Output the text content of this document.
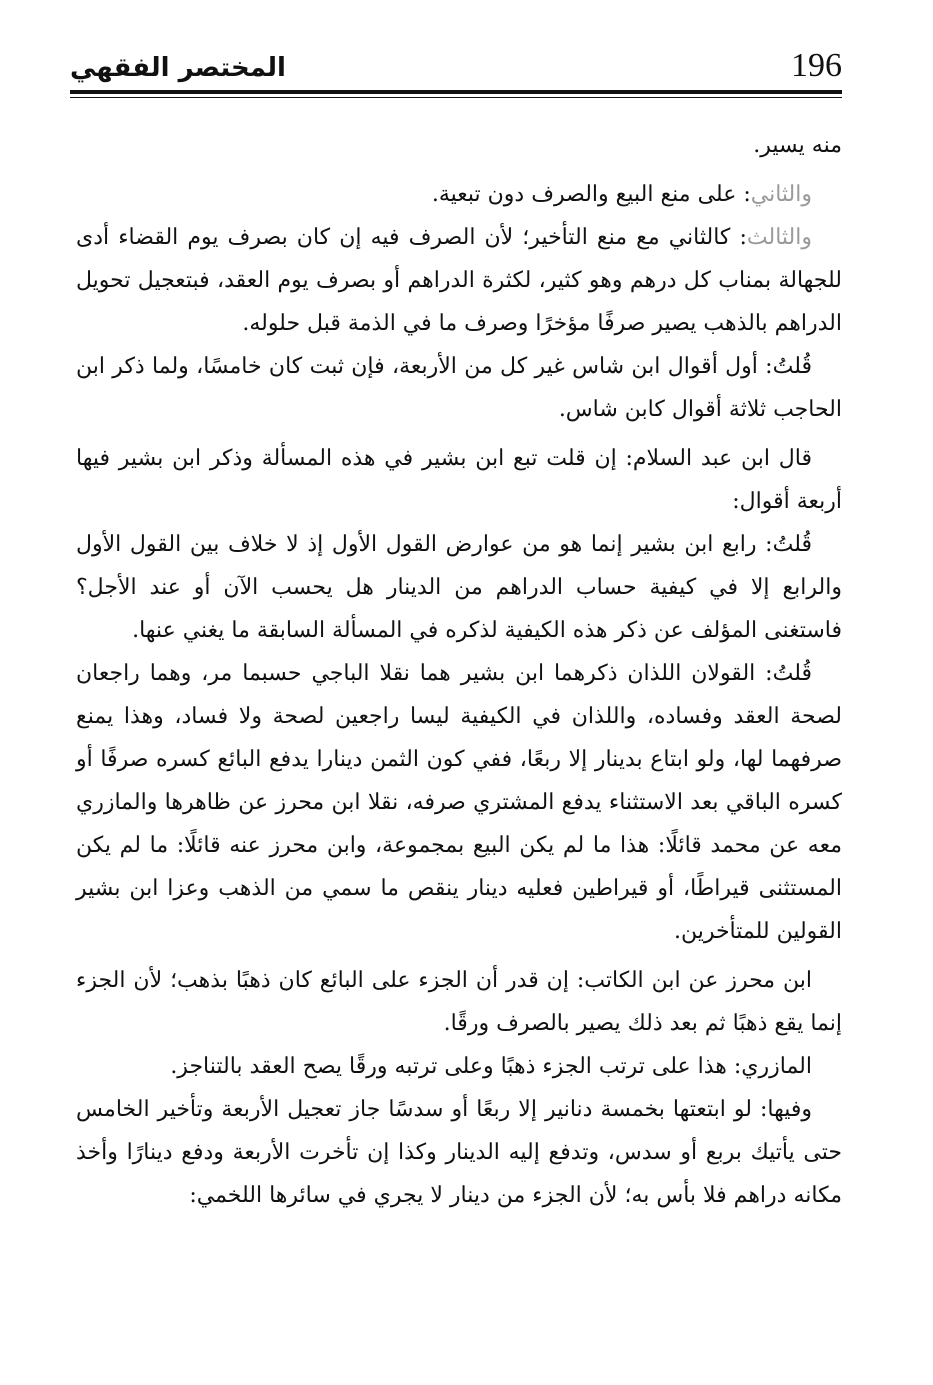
196
المختصر الفقهي

منه يسير.

والثاني: على منع البيع والصرف دون تبعية.

والثالث: كالثاني مع منع التأخير؛ لأن الصرف فيه إن كان بصرف يوم القضاء أدى للجهالة بمناب كل درهم وهو كثير، لكثرة الدراهم أو بصرف يوم العقد، فبتعجيل تحويل الدراهم بالذهب يصير صرفًا مؤخرًا وصرف ما في الذمة قبل حلوله.

قُلتُ: أول أقوال ابن شاس غير كل من الأربعة، فإن ثبت كان خامسًا، ولما ذكر ابن الحاجب ثلاثة أقوال كابن شاس.

قال ابن عبد السلام: إن قلت تبع ابن بشير في هذه المسألة وذكر ابن بشير فيها أربعة أقوال:

قُلتُ: رابع ابن بشير إنما هو من عوارض القول الأول إذ لا خلاف بين القول الأول والرابع إلا في كيفية حساب الدراهم من الدينار هل يحسب الآن أو عند الأجل؟ فاستغنى المؤلف عن ذكر هذه الكيفية لذكره في المسألة السابقة ما يغني عنها.

قُلتُ: القولان اللذان ذكرهما ابن بشير هما نقلا الباجي حسبما مر، وهما راجعان لصحة العقد وفساده، واللذان في الكيفية ليسا راجعين لصحة ولا فساد، وهذا يمنع صرفهما لها، ولو ابتاع بدينار إلا ربعًا، ففي كون الثمن دينارا يدفع البائع كسره صرفًا أو كسره الباقي بعد الاستثناء يدفع المشتري صرفه، نقلا ابن محرز عن ظاهرها والمازري معه عن محمد قائلًا: هذا ما لم يكن البيع بمجموعة، وابن محرز عنه قائلًا: ما لم يكن المستثنى قيراطًا، أو قيراطين فعليه دينار ينقص ما سمي من الذهب وعزا ابن بشير القولين للمتأخرين.

ابن محرز عن ابن الكاتب: إن قدر أن الجزء على البائع كان ذهبًا بذهب؛ لأن الجزء إنما يقع ذهبًا ثم بعد ذلك يصير بالصرف ورقًا.

المازري: هذا على ترتب الجزء ذهبًا وعلى ترتبه ورقًا يصح العقد بالتناجز.

وفيها: لو ابتعتها بخمسة دنانير إلا ربعًا أو سدسًا جاز تعجيل الأربعة وتأخير الخامس حتى يأتيك بربع أو سدس، وتدفع إليه الدينار وكذا إن تأخرت الأربعة ودفع دينارًا وأخذ مكانه دراهم فلا بأس به؛ لأن الجزء من دينار لا يجري في سائرها اللخمي:
